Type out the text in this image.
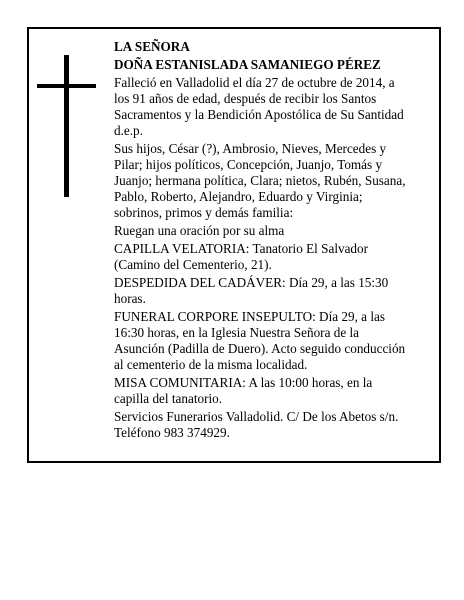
LA SEÑORA
DOÑA ESTANISLADA SAMANIEGO PÉREZ
Falleció en Valladolid el día 27 de octubre de 2014, a
los 91 años de edad, después de recibir los Santos
Sacramentos y la Bendición Apostólica de Su Santidad
d.e.p.
Sus hijos, César (?), Ambrosio, Nieves, Mercedes y
Pilar; hijos políticos, Concepción, Juanjo, Tomás y
Juanjo; hermana política, Clara; nietos, Rubén, Susana,
Pablo, Roberto, Alejandro, Eduardo y Virginia;
sobrinos, primos y demás familia:
Ruegan una oración por su alma
CAPILLA VELATORIA: Tanatorio El Salvador
(Camino del Cementerio, 21).
DESPEDIDA DEL CADÁVER: Día 29, a las 15:30
horas.
FUNERAL CORPORE INSEPULTO: Día 29, a las
16:30 horas, en la Iglesia Nuestra Señora de la
Asunción (Padilla de Duero). Acto seguido conducción
al cementerio de la misma localidad.
MISA COMUNITARIA: A las 10:00 horas, en la
capilla del tanatorio.
Servicios Funerarios Valladolid. C/ De los Abetos s/n.
Teléfono 983 374929.
